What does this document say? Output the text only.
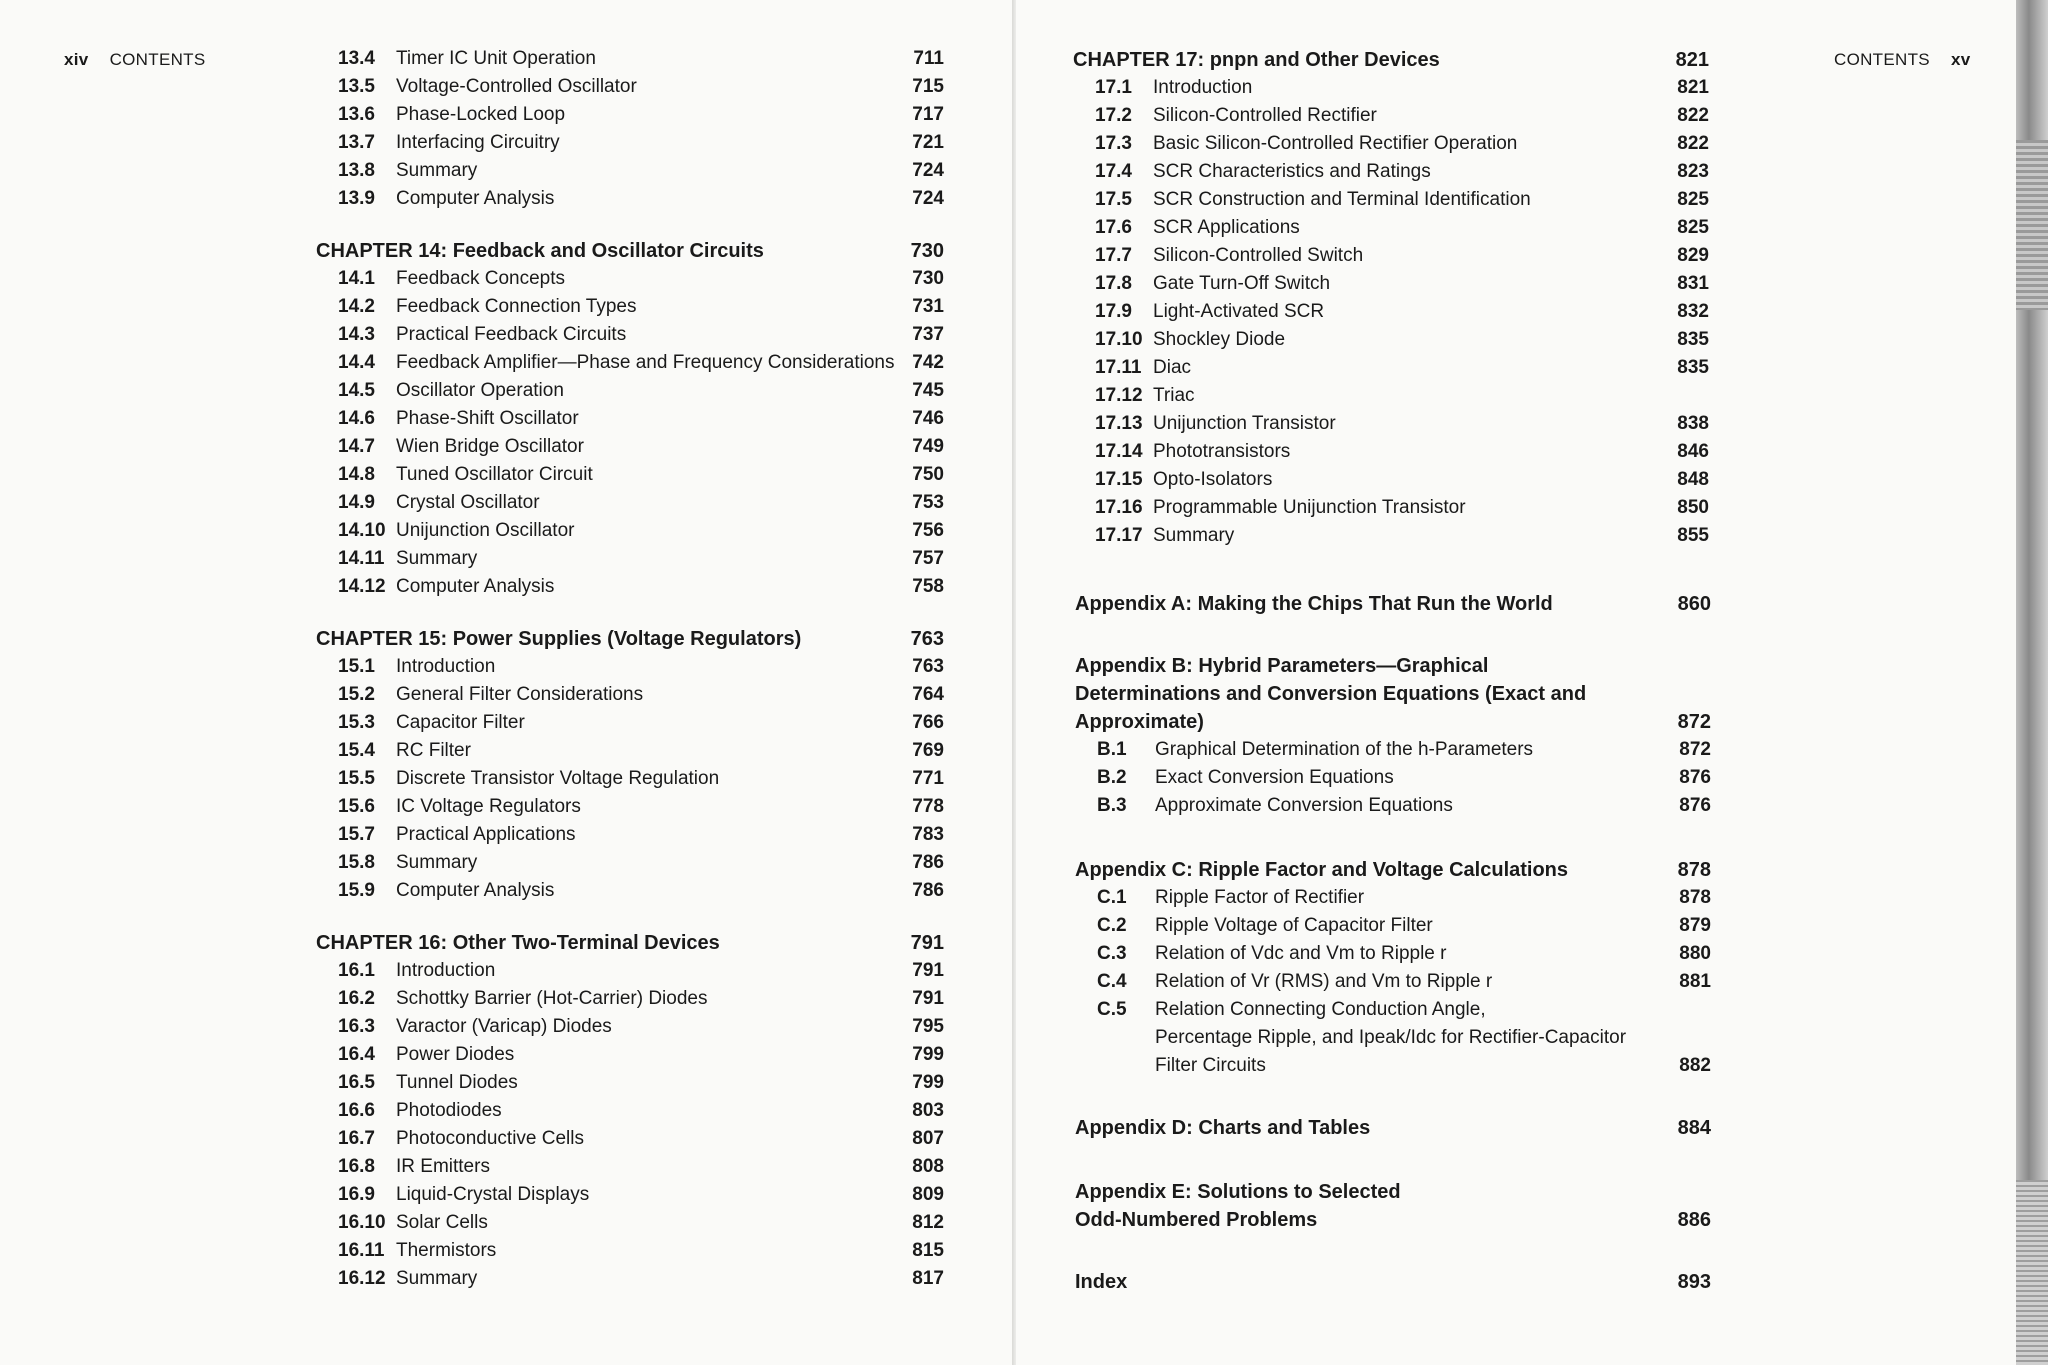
xiv CONTENTS	CONTENTS xv
13.4 Timer IC Unit Operation	711
13.5 Voltage-Controlled Oscillator	715
13.6 Phase-Locked Loop	717
13.7 Interfacing Circuitry	721
13.8 Summary	724
13.9 Computer Analysis	724
CHAPTER 14: Feedback and Oscillator Circuits	730
14.1 Feedback Concepts	730
14.2 Feedback Connection Types	731
14.3 Practical Feedback Circuits	737
14.4 Feedback Amplifier—Phase and Frequency Considerations 742
14.5 Oscillator Operation	745
14.6 Phase-Shift Oscillator	746
14.7 Wien Bridge Oscillator	749
14.8 Tuned Oscillator Circuit	750
14.9 Crystal Oscillator	753
14.10 Unijunction Oscillator	756
14.11 Summary	757
14.12 Computer Analysis	758
CHAPTER 15: Power Supplies (Voltage Regulators)	763
15.1 Introduction	763
15.2 General Filter Considerations	764
15.3 Capacitor Filter	766
15.4 RC Filter	769
15.5 Discrete Transistor Voltage Regulation	771
15.6 IC Voltage Regulators	778
15.7 Practical Applications	783
15.8 Summary	786
15.9 Computer Analysis	786
CHAPTER 16: Other Two-Terminal Devices	791
16.1 Introduction	791
16.2 Schottky Barrier (Hot-Carrier) Diodes	791
16.3 Varactor (Varicap) Diodes	795
16.4 Power Diodes	799
16.5 Tunnel Diodes	799
16.6 Photodiodes	803
16.7 Photoconductive Cells	807
16.8 IR Emitters	808
16.9 Liquid-Crystal Displays	809
16.10 Solar Cells	812
16.11 Thermistors	815
16.12 Summary	817
CHAPTER 17: pnpn and Other Devices	821
17.1 Introduction	821
17.2 Silicon-Controlled Rectifier	822
17.3 Basic Silicon-Controlled Rectifier Operation	822
17.4 SCR Characteristics and Ratings	823
17.5 SCR Construction and Terminal Identification	825
17.6 SCR Applications	825
17.7 Silicon-Controlled Switch	829
17.8 Gate Turn-Off Switch	831
17.9 Light-Activated SCR	832
17.10 Shockley Diode	835
17.11 Diac	835
17.12 Triac
17.13 Unijunction Transistor	838
17.14 Phototransistors	846
17.15 Opto-Isolators	848
17.16 Programmable Unijunction Transistor	850
17.17 Summary	855
Appendix A: Making the Chips That Run the World	860
Appendix B: Hybrid Parameters—Graphical
Determinations and Conversion Equations (Exact and
Approximate)	872
B.1 Graphical Determination of the h-Parameters	872
B.2 Exact Conversion Equations	876
B.3 Approximate Conversion Equations	876
Appendix C: Ripple Factor and Voltage Calculations	878
C.1 Ripple Factor of Rectifier	878
C.2 Ripple Voltage of Capacitor Filter	879
C.3 Relation of Vdc and Vm to Ripple r	880
C.4 Relation of Vr (RMS) and Vm to Ripple r	881
C.5 Relation Connecting Conduction Angle,
Percentage Ripple, and Ipeak/Idc for Rectifier-Capacitor
Filter Circuits	882
Appendix D: Charts and Tables	884
Appendix E: Solutions to Selected
Odd-Numbered Problems	886
Index	893
